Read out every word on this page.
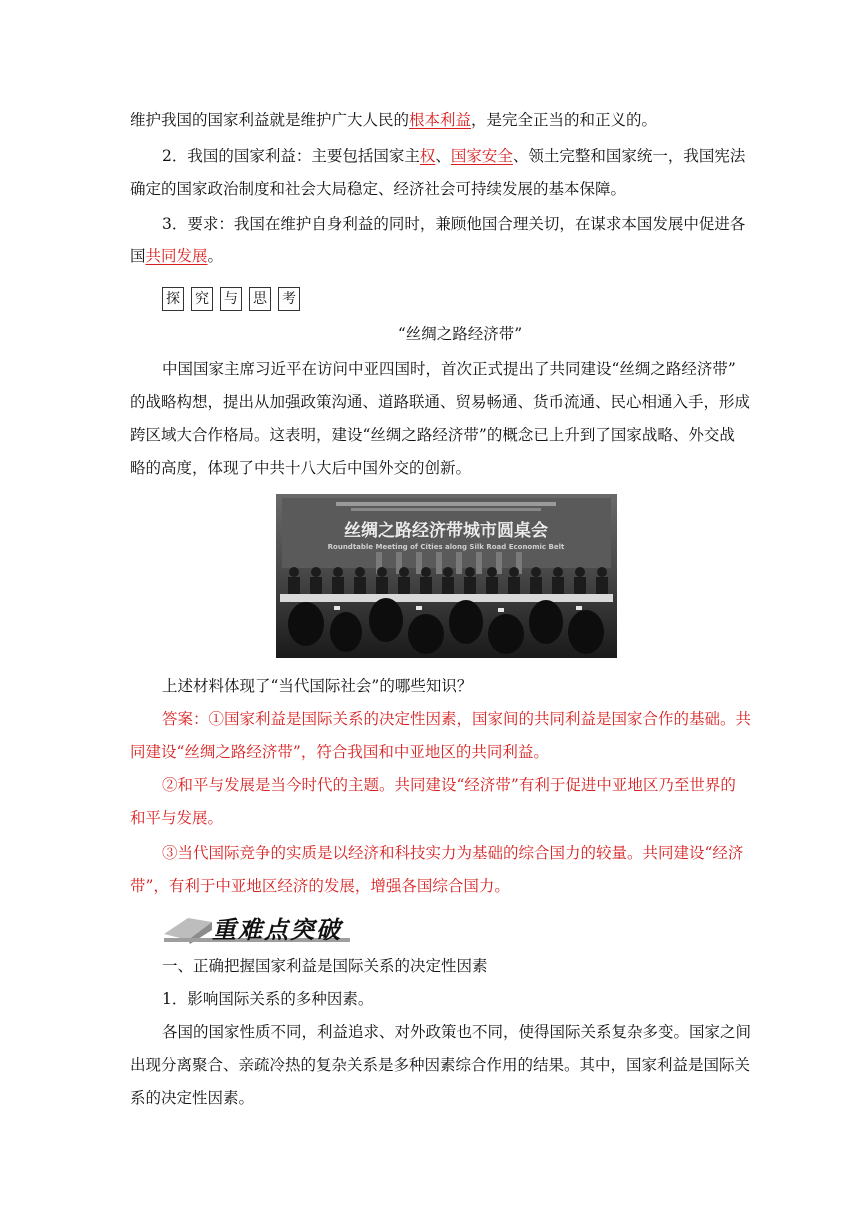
维护我国的国家利益就是维护广大人民的根本利益，是完全正当的和正义的。
2．我国的国家利益：主要包括国家主权、国家安全、领土完整和国家统一，我国宪法
确定的国家政治制度和社会大局稳定、经济社会可持续发展的基本保障。
3．要求：我国在维护自身利益的同时，兼顾他国合理关切，在谋求本国发展中促进各
国共同发展。
探 究 与 思 考
“丝绸之路经济带”
中国国家主席习近平在访问中亚四国时，首次正式提出了共同建设“丝绸之路经济带”
的战略构想，提出从加强政策沟通、道路联通、贸易畅通、货币流通、民心相通入手，形成
跨区域大合作格局。这表明，建设“丝绸之路经济带”的概念已上升到了国家战略、外交战
略的高度，体现了中共十八大后中国外交的创新。
丝绸之路经济带城市圆桌会
Roundtable Meeting of Cities along Silk Road Economic Belt
上述材料体现了“当代国际社会”的哪些知识？
答案：①国家利益是国际关系的决定性因素，国家间的共同利益是国家合作的基础。共
同建设“丝绸之路经济带”，符合我国和中亚地区的共同利益。
②和平与发展是当今时代的主题。共同建设“经济带”有利于促进中亚地区乃至世界的
和平与发展。
③当代国际竞争的实质是以经济和科技实力为基础的综合国力的较量。共同建设“经济
带”，有利于中亚地区经济的发展，增强各国综合国力。
重难点突破
一、正确把握国家利益是国际关系的决定性因素
1．影响国际关系的多种因素。
各国的国家性质不同，利益追求、对外政策也不同，使得国际关系复杂多变。国家之间
出现分离聚合、亲疏冷热的复杂关系是多种因素综合作用的结果。其中，国家利益是国际关
系的决定性因素。
